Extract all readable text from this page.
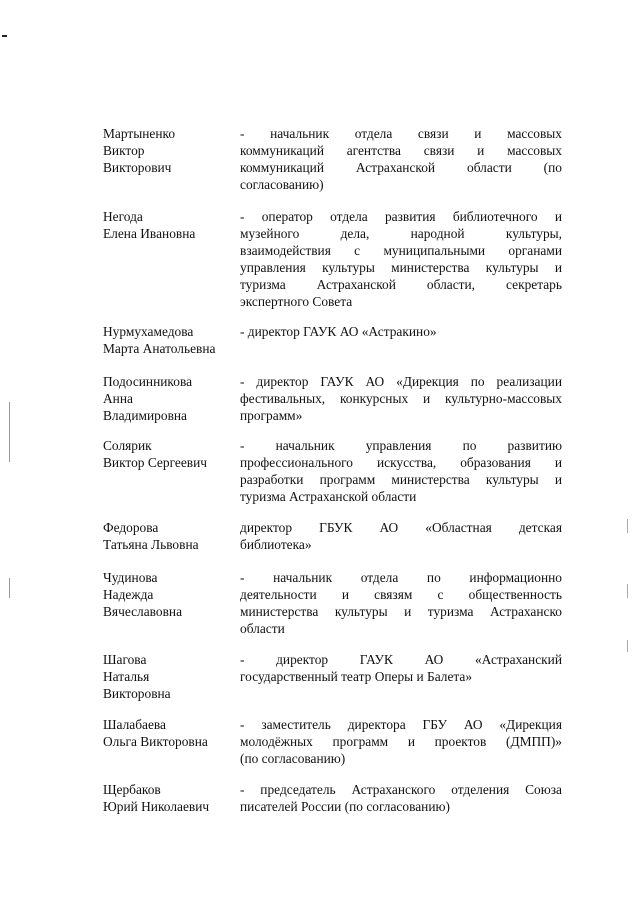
Мартыненко
Виктор
Викторович
- начальник отдела связи и массовых
коммуникаций агентства связи и массовых
коммуникаций Астраханской области (по
согласованию)
Негода
Елена Ивановна
- оператор отдела развития библиотечного и
музейного дела, народной культуры,
взаимодействия с муниципальными органами
управления культуры министерства культуры и
туризма Астраханской области, секретарь
экспертного Совета
Нурмухамедова
Марта Анатольевна
- директор ГАУК АО «Астракино»
Подосинникова
Анна
Владимировна
- директор ГАУК АО «Дирекция по реализации
фестивальных, конкурсных и культурно-массовых
программ»
Солярик
Виктор Сергеевич
- начальник управления по развитию
профессионального искусства, образования и
разработки программ министерства культуры и
туризма Астраханской области
Федорова
Татьяна Львовна
директор ГБУК АО «Областная детская
библиотека»
Чудинова
Надежда
Вячеславовна
- начальник отдела по информационно
деятельности и связям с общественность
министерства культуры и туризма Астраханско
области
Шагова
Наталья
Викторовна
- директор ГАУК АО «Астраханский
государственный театр Оперы и Балета»
Шалабаева
Ольга Викторовна
- заместитель директора ГБУ АО «Дирекция
молодёжных программ и проектов (ДМПП)»
(по согласованию)
Щербаков
Юрий Николаевич
- председатель Астраханского отделения Союза
писателей России (по согласованию)
